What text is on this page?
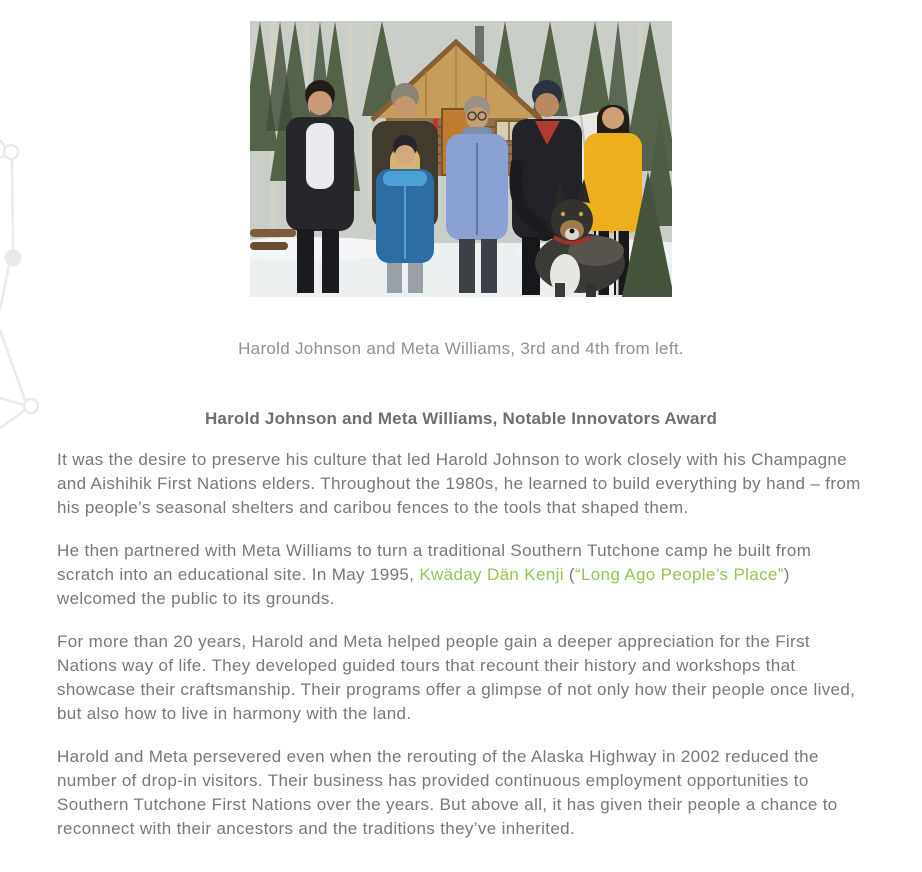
Harold Johnson and Meta Williams, 3rd and 4th from left.
Harold Johnson and Meta Williams, Notable Innovators Award

It was the desire to preserve his culture that led Harold Johnson to work closely with his Champagne and Aishihik First Nations elders. Throughout the 1980s, he learned to build everything by hand – from his people’s seasonal shelters and caribou fences to the tools that shaped them.

He then partnered with Meta Williams to turn a traditional Southern Tutchone camp he built from scratch into an educational site. In May 1995, Kwäday Dän Kenji (“Long Ago People’s Place”) welcomed the public to its grounds.

For more than 20 years, Harold and Meta helped people gain a deeper appreciation for the First Nations way of life. They developed guided tours that recount their history and workshops that showcase their craftsmanship. Their programs offer a glimpse of not only how their people once lived, but also how to live in harmony with the land.

Harold and Meta persevered even when the rerouting of the Alaska Highway in 2002 reduced the number of drop-in visitors. Their business has provided continuous employment opportunities to Southern Tutchone First Nations over the years. But above all, it has given their people a chance to reconnect with their ancestors and the traditions they’ve inherited.
